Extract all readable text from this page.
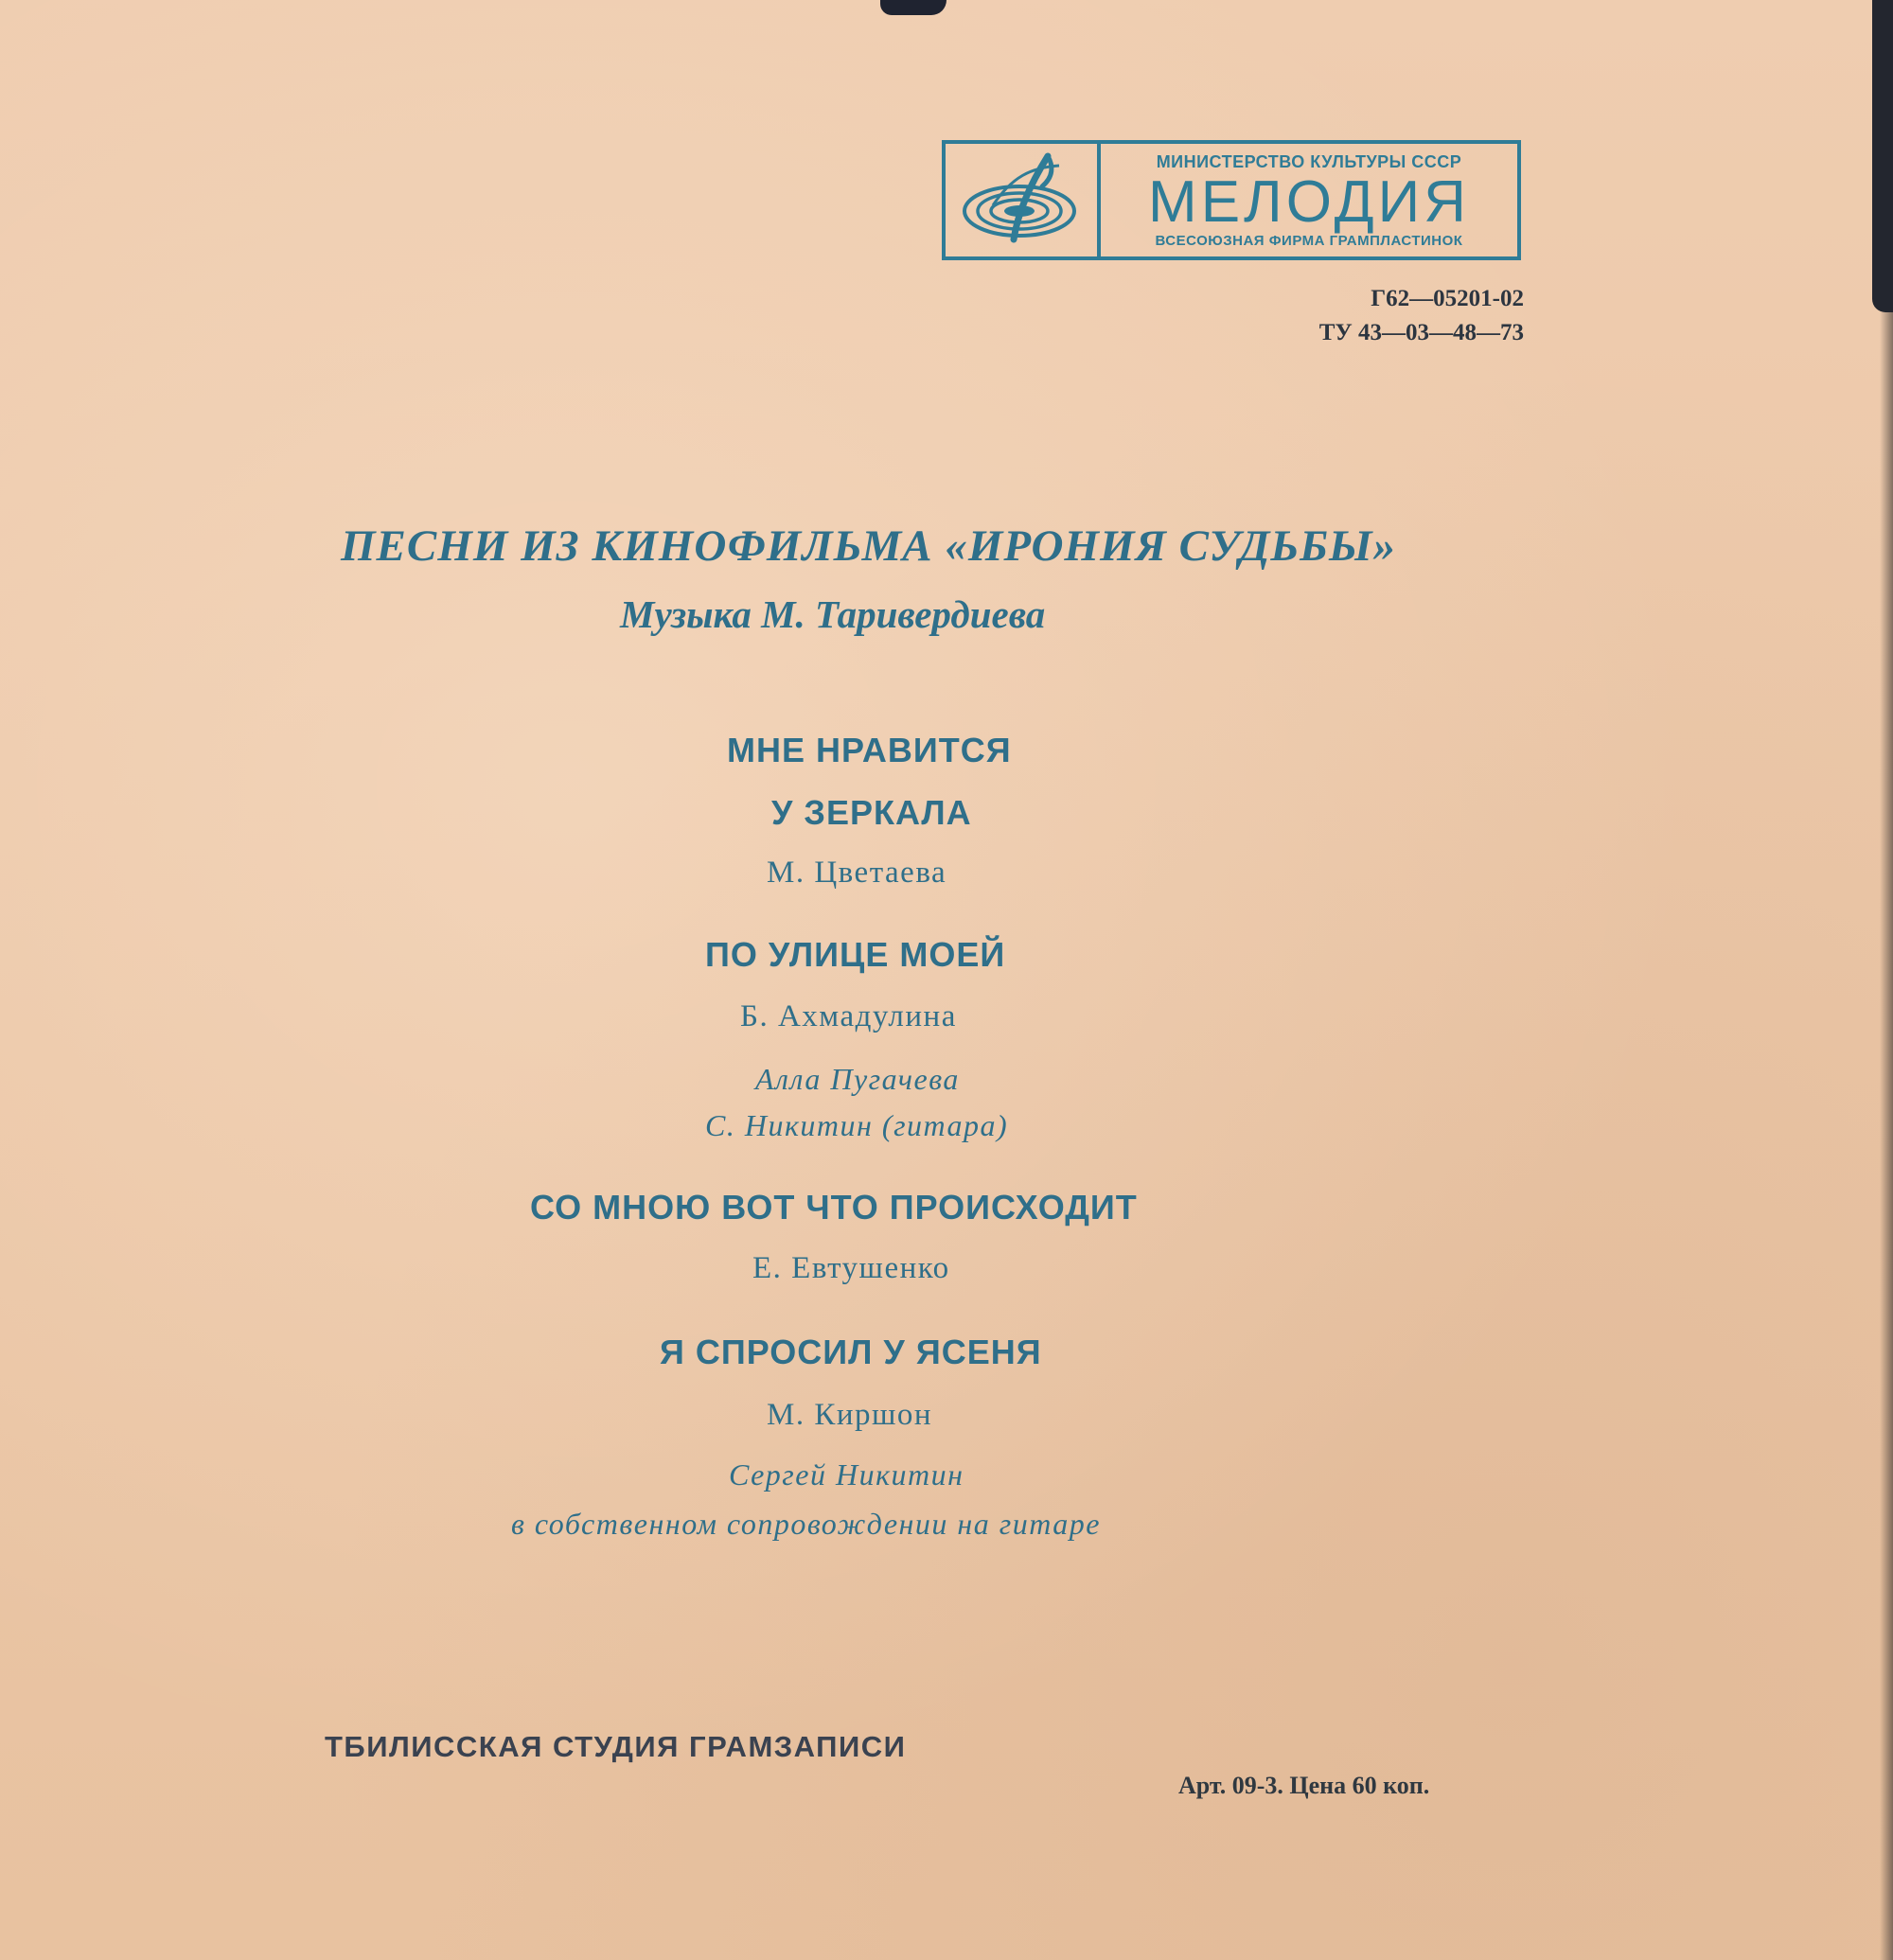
МИНИСТЕРСТВО КУЛЬТУРЫ СССР
МЕЛОДИЯ
ВСЕСОЮЗНАЯ ФИРМА ГРАМПЛАСТИНОК
Г62—05201-02
ТУ 43—03—48—73
ПЕСНИ ИЗ КИНОФИЛЬМА «ИРОНИЯ СУДЬБЫ»
Музыка М. Таривердиева
МНЕ НРАВИТСЯ
У ЗЕРКАЛА
М. Цветаева
ПО УЛИЦЕ МОЕЙ
Б. Ахмадулина
Алла Пугачева
С. Никитин (гитара)
СО МНОЮ ВОТ ЧТО ПРОИСХОДИТ
Е. Евтушенко
Я СПРОСИЛ У ЯСЕНЯ
М. Киршон
Сергей Никитин
в собственном сопровождении на гитаре
ТБИЛИССКАЯ СТУДИЯ ГРАМЗАПИСИ
Арт. 09-3. Цена 60 коп.
